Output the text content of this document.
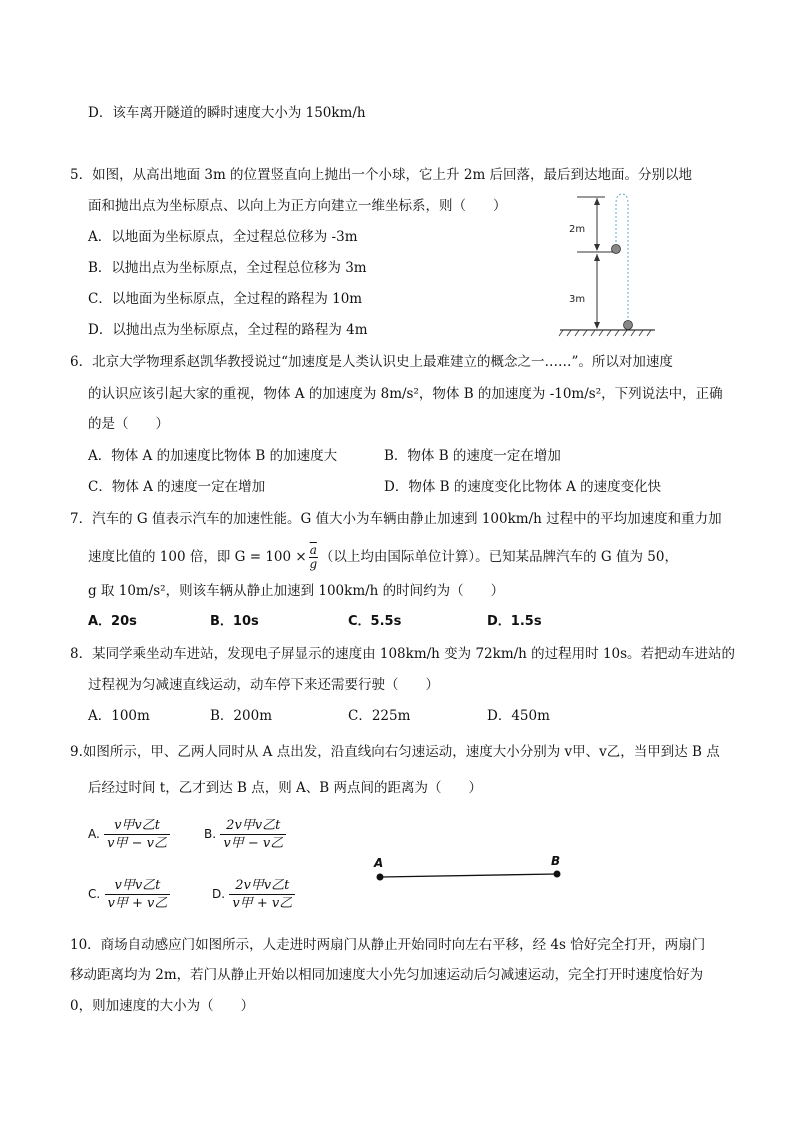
D．该车离开隧道的瞬时速度大小为 150km/h
5．如图，从高出地面 3m 的位置竖直向上抛出一个小球，它上升 2m 后回落，最后到达地面。分别以地
面和抛出点为坐标原点、以向上为正方向建立一维坐标系，则（　　）
A．以地面为坐标原点，全过程总位移为 -3m
B．以抛出点为坐标原点，全过程总位移为 3m
C．以地面为坐标原点，全过程的路程为 10m
D．以抛出点为坐标原点，全过程的路程为 4m
2m
3m
6．北京大学物理系赵凯华教授说过“加速度是人类认识史上最难建立的概念之一……”。所以对加速度
的认识应该引起大家的重视，物体 A 的加速度为 8m/s²，物体 B 的加速度为 -10m/s²，下列说法中，正确
的是（　　）
A．物体 A 的加速度比物体 B 的加速度大	B．物体 B 的速度一定在增加
C．物体 A 的速度一定在增加	D．物体 B 的速度变化比物体 A 的速度变化快
7．汽车的 G 值表示汽车的加速性能。G 值大小为车辆由静止加速到 100km/h 过程中的平均加速度和重力加
速度比值的 100 倍，即 $G = 100 \times \frac{\overline{a}}{g}$ （以上均由国际单位计算）。已知某品牌汽车的 G 值为 50，
g 取 10m/s²，则该车辆从静止加速到 100km/h 的时间约为（　　）
A．20s	B．10s	C．5.5s	D．1.5s
8．某同学乘坐动车进站，发现电子屏显示的速度由 108km/h 变为 72km/h 的过程用时 10s。若把动车进站的
过程视为匀减速直线运动，动车停下来还需要行驶（　　）
A．100m	B．200m	C．225m	D．450m
9.如图所示，甲、乙两人同时从 A 点出发，沿直线向右匀速运动，速度大小分别为 v甲、v乙，当甲到达 B 点
后经过时间 t，乙才到达 B 点，则 A、B 两点间的距离为（　　）
A. $\frac{\text{v甲v乙t}}{\text{v甲 − v乙}}$	B. $\frac{\text{2v甲v乙t}}{\text{v甲 − v乙}}$
C. $\frac{\text{v甲v乙t}}{\text{v甲 + v乙}}$	D. $\frac{\text{2v甲v乙t}}{\text{v甲 + v乙}}$
A	B
10．商场自动感应门如图所示，人走进时两扇门从静止开始同时向左右平移，经 4s 恰好完全打开，两扇门
移动距离均为 2m，若门从静止开始以相同加速度大小先匀加速运动后匀减速运动，完全打开时速度恰好为
0，则加速度的大小为（　　）
